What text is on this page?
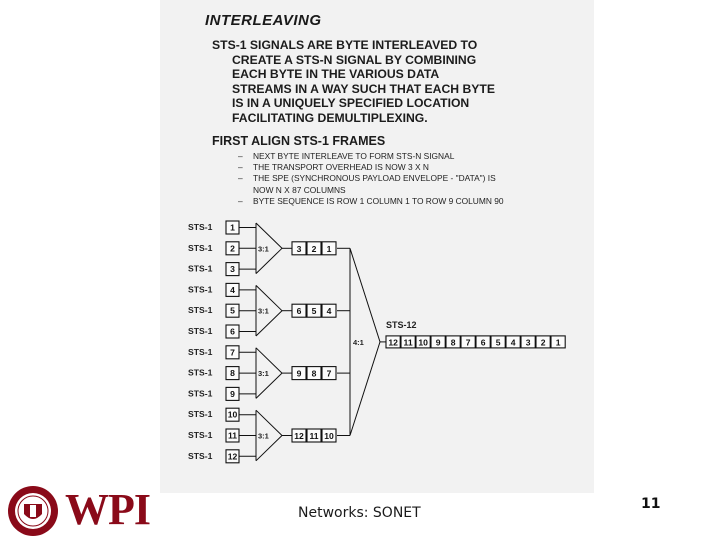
INTERLEAVING
STS-1 SIGNALS ARE BYTE INTERLEAVED TO
CREATE A STS-N SIGNAL BY COMBINING
EACH BYTE IN THE VARIOUS DATA
STREAMS IN A WAY SUCH THAT EACH BYTE
IS IN A UNIQUELY SPECIFIED LOCATION
FACILITATING DEMULTIPLEXING.
FIRST ALIGN STS-1 FRAMES
– NEXT BYTE INTERLEAVE TO FORM STS-N SIGNAL
– THE TRANSPORT OVERHEAD IS NOW 3 X N
– THE SPE (SYNCHRONOUS PAYLOAD ENVELOPE - "DATA") IS
NOW N X 87 COLUMNS
– BYTE SEQUENCE IS ROW 1 COLUMN 1 TO ROW 9 COLUMN 90
STS-1 1
STS-1 2
STS-1 3
STS-1 4
STS-1 5
STS-1 6
STS-1 7
STS-1 8
STS-1 9
STS-1 10
STS-1 11
STS-1 12
3:1	3 2 1
3:1	6 5 4
3:1	9 8 7
3:1	12 11 10
4:1
STS-12
12 11 10 9 8 7 6 5 4 3 2 1
WPI	Networks: SONET
11
